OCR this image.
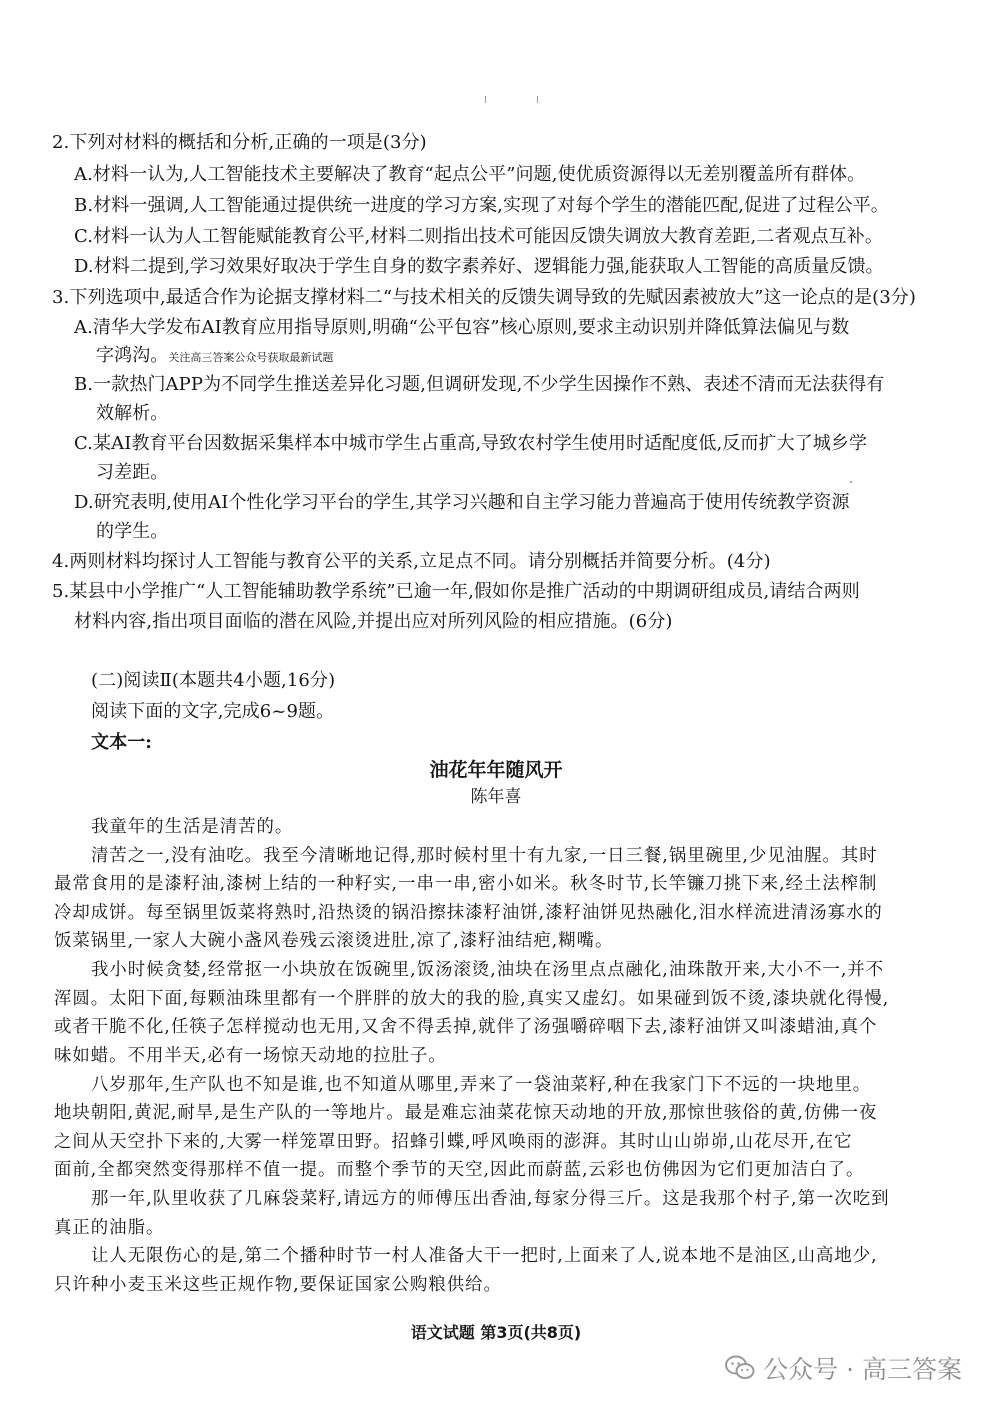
2.下列对材料的概括和分析,正确的一项是(3分)
A.材料一认为,人工智能技术主要解决了教育“起点公平”问题,使优质资源得以无差别覆盖所有群体。
B.材料一强调,人工智能通过提供统一进度的学习方案,实现了对每个学生的潜能匹配,促进了过程公平。
C.材料一认为人工智能赋能教育公平,材料二则指出技术可能因反馈失调放大教育差距,二者观点互补。
D.材料二提到,学习效果好取决于学生自身的数字素养好、逻辑能力强,能获取人工智能的高质量反馈。
3.下列选项中,最适合作为论据支撑材料二“与技术相关的反馈失调导致的先赋因素被放大”这一论点的是(3分)
A.清华大学发布AI教育应用指导原则,明确“公平包容”核心原则,要求主动识别并降低算法偏见与数
字鸿沟。关注高三答案公众号获取最新试题
B.一款热门APP为不同学生推送差异化习题,但调研发现,不少学生因操作不熟、表述不清而无法获得有
效解析。
C.某AI教育平台因数据采集样本中城市学生占重高,导致农村学生使用时适配度低,反而扩大了城乡学
习差距。
D.研究表明,使用AI个性化学习平台的学生,其学习兴趣和自主学习能力普遍高于使用传统教学资源
的学生。
4.两则材料均探讨人工智能与教育公平的关系,立足点不同。请分别概括并简要分析。(4分)
5.某县中小学推广“人工智能辅助教学系统”已逾一年,假如你是推广活动的中期调研组成员,请结合两则
材料内容,指出项目面临的潜在风险,并提出应对所列风险的相应措施。(6分)
(二)阅读Ⅱ(本题共4小题,16分)
阅读下面的文字,完成6~9题。
文本一:
油花年年随风开
陈年喜
我童年的生活是清苦的。
清苦之一,没有油吃。我至今清晰地记得,那时候村里十有九家,一日三餐,锅里碗里,少见油腥。其时
最常食用的是漆籽油,漆树上结的一种籽实,一串一串,密小如米。秋冬时节,长竿镰刀挑下来,经土法榨制
冷却成饼。每至锅里饭菜将熟时,沿热烫的锅沿擦抹漆籽油饼,漆籽油饼见热融化,泪水样流进清汤寡水的
饭菜锅里,一家人大碗小盏风卷残云滚烫进肚,凉了,漆籽油结疤,糊嘴。
我小时候贪婪,经常抠一小块放在饭碗里,饭汤滚烫,油块在汤里点点融化,油珠散开来,大小不一,并不
浑圆。太阳下面,每颗油珠里都有一个胖胖的放大的我的脸,真实又虚幻。如果碰到饭不烫,漆块就化得慢,
或者干脆不化,任筷子怎样搅动也无用,又舍不得丢掉,就伴了汤强嚼碎咽下去,漆籽油饼又叫漆蜡油,真个
味如蜡。不用半天,必有一场惊天动地的拉肚子。
八岁那年,生产队也不知是谁,也不知道从哪里,弄来了一袋油菜籽,种在我家门下不远的一块地里。
地块朝阳,黄泥,耐旱,是生产队的一等地片。最是难忘油菜花惊天动地的开放,那惊世骇俗的黄,仿佛一夜
之间从天空扑下来的,大雾一样笼罩田野。招蜂引蝶,呼风唤雨的澎湃。其时山山峁峁,山花尽开,在它
面前,全都突然变得那样不值一提。而整个季节的天空,因此而蔚蓝,云彩也仿佛因为它们更加洁白了。
那一年,队里收获了几麻袋菜籽,请远方的师傅压出香油,每家分得三斤。这是我那个村子,第一次吃到
真正的油脂。
让人无限伤心的是,第二个播种时节一村人准备大干一把时,上面来了人,说本地不是油区,山高地少,
只许种小麦玉米这些正规作物,要保证国家公购粮供给。
语文试题 第3页(共8页)
公众号 · 高三答案
